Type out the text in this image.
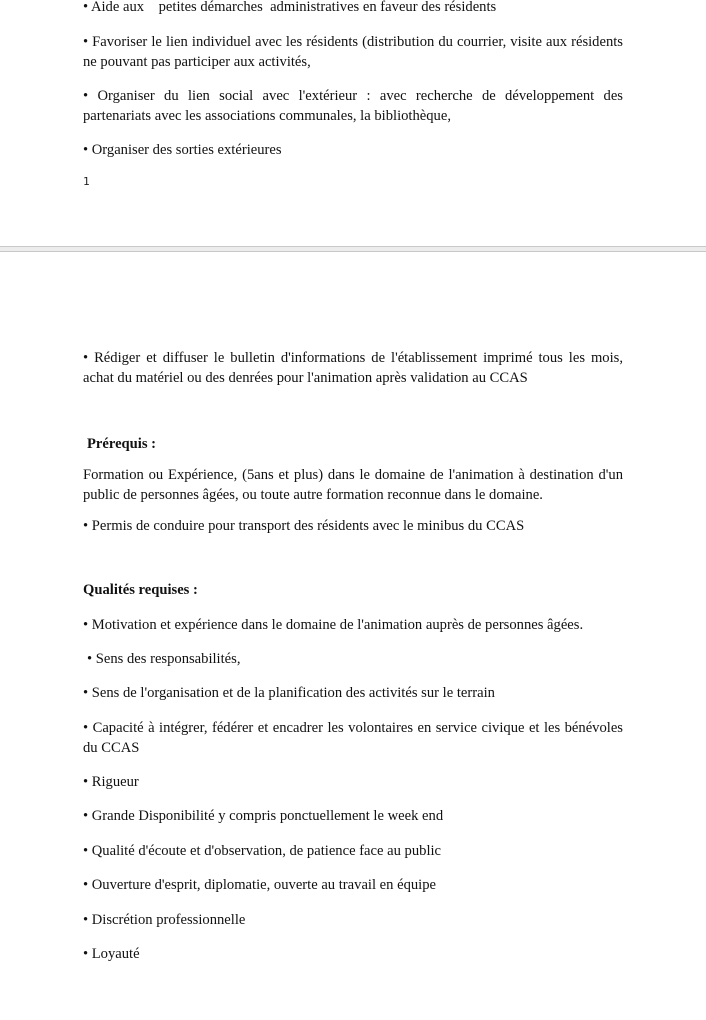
• Aide aux    petites démarches  administratives en faveur des résidents

• Favoriser le lien individuel avec les résidents (distribution du courrier, visite aux résidents ne pouvant pas participer aux activités,

• Organiser du lien social avec l'extérieur : avec recherche de développement des partenariats avec les associations communales, la bibliothèque,

• Organiser des sorties extérieures

1

• Rédiger et diffuser le bulletin d'informations de l'établissement imprimé tous les mois, achat du matériel ou des denrées pour l'animation après validation au CCAS

Prérequis :

Formation ou Expérience, (5ans et plus) dans le domaine de l'animation à destination d'un public de personnes âgées, ou toute autre formation reconnue dans le domaine.

• Permis de conduire pour transport des résidents avec le minibus du CCAS

Qualités requises :

• Motivation et expérience dans le domaine de l'animation auprès de personnes âgées.

• Sens des responsabilités,

• Sens de l'organisation et de la planification des activités sur le terrain

• Capacité à intégrer, fédérer et encadrer les volontaires en service civique et les bénévoles du CCAS

• Rigueur

• Grande Disponibilité y compris ponctuellement le week end

• Qualité d'écoute et d'observation, de patience face au public

• Ouverture d'esprit, diplomatie, ouverte au travail en équipe

• Discrétion professionnelle

• Loyauté
